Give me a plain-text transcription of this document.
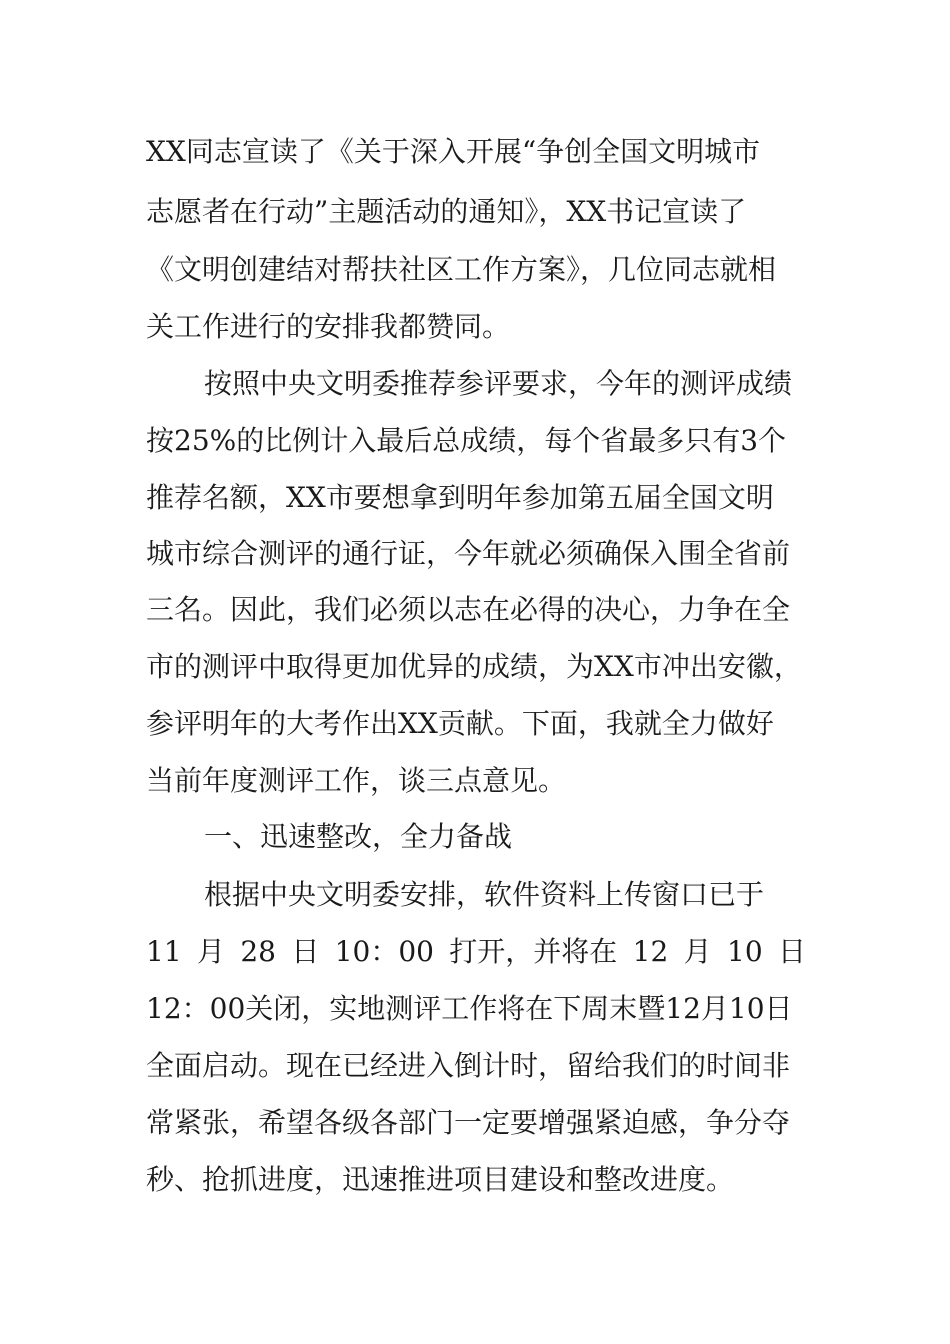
XX同志宣读了《关于深入开展“争创全国文明城市
志愿者在行动”主题活动的通知》，XX书记宣读了
《文明创建结对帮扶社区工作方案》，几位同志就相
关工作进行的安排我都赞同。
按照中央文明委推荐参评要求，今年的测评成绩
按25%的比例计入最后总成绩，每个省最多只有3个
推荐名额，XX市要想拿到明年参加第五届全国文明
城市综合测评的通行证，今年就必须确保入围全省前
三名。因此，我们必须以志在必得的决心，力争在全
市的测评中取得更加优异的成绩，为XX市冲出安徽，
参评明年的大考作出XX贡献。下面，我就全力做好
当前年度测评工作，谈三点意见。
一、迅速整改，全力备战
根据中央文明委安排，软件资料上传窗口已于
11 月 28 日 10：00 打开，并将在 12 月 10 日
12：00关闭，实地测评工作将在下周末暨12月10日
全面启动。现在已经进入倒计时，留给我们的时间非
常紧张，希望各级各部门一定要增强紧迫感，争分夺
秒、抢抓进度，迅速推进项目建设和整改进度。
